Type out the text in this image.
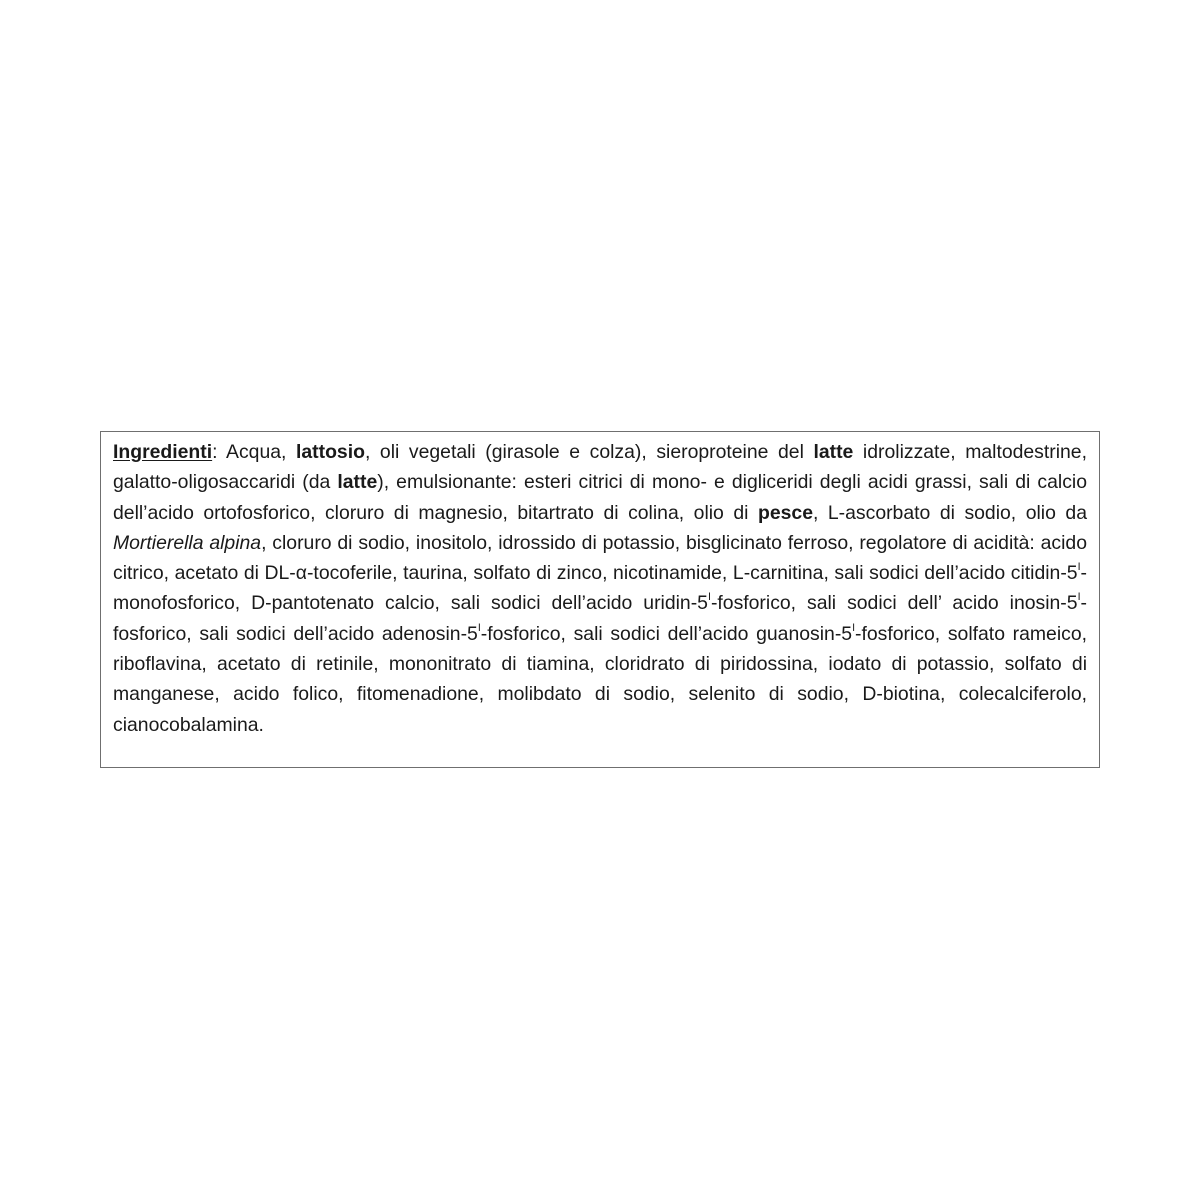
Ingredienti: Acqua, lattosio, oli vegetali (girasole e colza), sieroproteine del latte idrolizzate, maltodestrine, galatto-oligosaccaridi (da latte), emulsionante: esteri citrici di mono- e digliceridi degli acidi grassi, sali di calcio dell’acido ortofosforico, cloruro di magnesio, bitartrato di colina, olio di pesce, L-ascorbato di sodio, olio da Mortierella alpina, cloruro di sodio, inositolo, idrossido di potassio, bisglicinato ferroso, regolatore di acidità: acido citrico, acetato di DL-α-tocoferile, taurina, solfato di zinco, nicotinamide, L-carnitina, sali sodici dell’acido citidin-$5^I$-monofosforico, D-pantotenato calcio, sali sodici dell’acido uridin-$5^I$-fosforico, sali sodici dell’ acido inosin-$5^I$-fosforico, sali sodici dell’acido adenosin-$5^I$-fosforico, sali sodici dell’acido guanosin-$5^I$-fosforico, solfato rameico, riboflavina, acetato di retinile, mononitrato di tiamina, cloridrato di piridossina, iodato di potassio, solfato di manganese, acido folico, fitomenadione, molibdato di sodio, selenito di sodio, D-biotina, colecalciferolo, cianocobalamina.
